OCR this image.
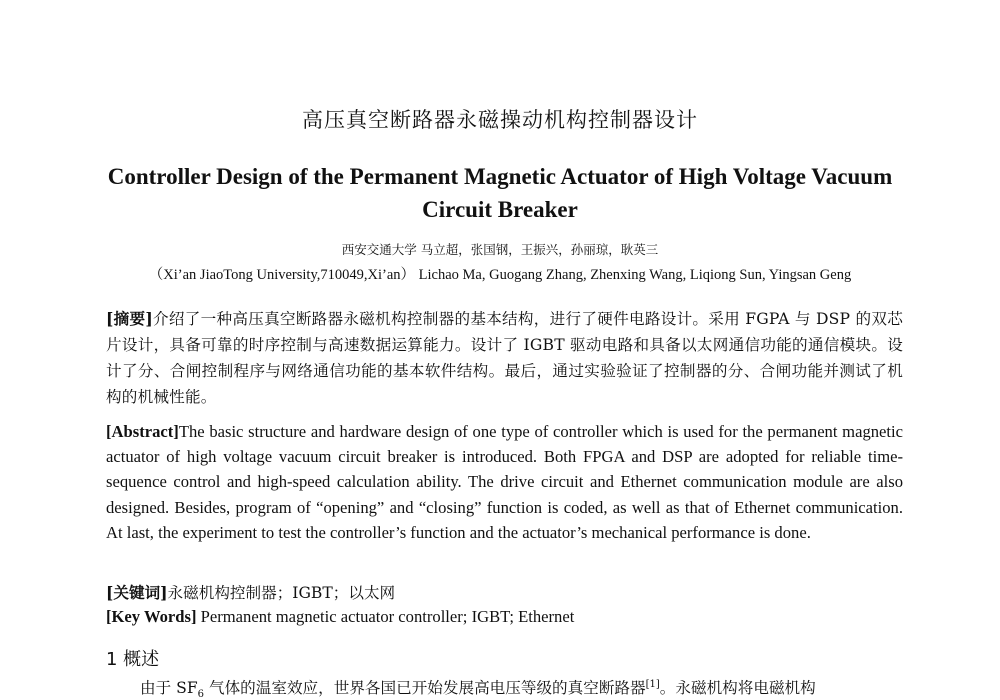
高压真空断路器永磁操动机构控制器设计
Controller Design of the Permanent Magnetic Actuator of High Voltage Vacuum Circuit Breaker
西安交通大学 马立超，张国钢，王振兴，孙丽琼，耿英三
（Xi’an JiaoTong University,710049,Xi’an） Lichao Ma, Guogang Zhang, Zhenxing Wang, Liqiong Sun, Yingsan Geng
[摘要]介绍了一种高压真空断路器永磁机构控制器的基本结构，进行了硬件电路设计。采用 FGPA 与 DSP 的双芯片设计，具备可靠的时序控制与高速数据运算能力。设计了 IGBT 驱动电路和具备以太网通信功能的通信模块。设计了分、合闸控制程序与网络通信功能的基本软件结构。最后，通过实验验证了控制器的分、合闸功能并测试了机构的机械性能。
[Abstract]The basic structure and hardware design of one type of controller which is used for the permanent magnetic actuator of high voltage vacuum circuit breaker is introduced. Both FPGA and DSP are adopted for reliable time-sequence control and high-speed calculation ability. The drive circuit and Ethernet communication module are also designed. Besides, program of “opening” and “closing” function is coded, as well as that of Ethernet communication. At last, the experiment to test the controller’s function and the actuator’s mechanical performance is done.
[关键词]永磁机构控制器；IGBT；以太网
[Key Words] Permanent magnetic actuator controller; IGBT; Ethernet
1 概述
由于 $SF_6$ 气体的温室效应，世界各国已开始发展高电压等级的真空断路器[1]。永磁机构将电磁机构
